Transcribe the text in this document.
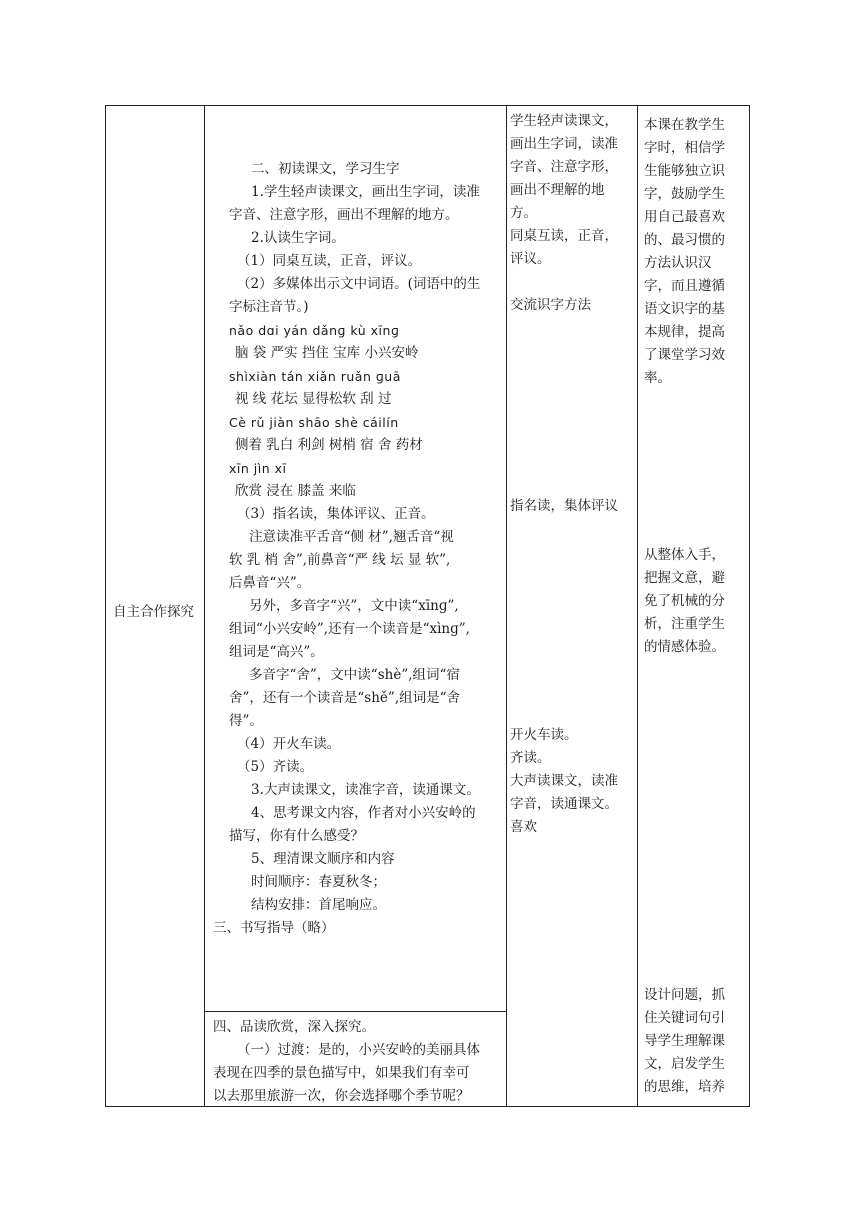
自主合作探究
二、初读课文，学习生字
1.学生轻声读课文，画出生字词，读准
字音、注意字形，画出不理解的地方。
2.认读生字词。
（1）同桌互读，正音，评议。
（2）多媒体出示文中词语。(词语中的生
字标注音节。)
nǎo dɑi yán dǎnɡ kù xīnɡ
脑 袋 严实 挡住 宝库 小兴安岭
shìxiàn tán xiǎn ruǎn ɡuā
视 线 花坛 显得松软 刮 过
Cè rǔ jiàn shāo shè cáilín
侧着 乳白 利剑 树梢 宿 舍 药材
xīn jìn xī
欣赏 浸在 膝盖 来临
（3）指名读，集体评议、正音。
注意读准平舌音“侧 材”,翘舌音“视
软 乳 梢 舍”,前鼻音“严 线 坛 显 软”,
后鼻音“兴”。
另外，多音字“兴”，文中读“xīnɡ”,
组词“小兴安岭”,还有一个读音是“xìnɡ”,
组词是“高兴”。
多音字“舍”，文中读“shè”,组词“宿
舍”，还有一个读音是“shě”,组词是“舍
得”。
（4）开火车读。
（5）齐读。
3.大声读课文，读准字音，读通课文。
4、思考课文内容，作者对小兴安岭的
描写，你有什么感受？
5、理清课文顺序和内容
时间顺序：春夏秋冬；
结构安排：首尾响应。
三、书写指导（略）
四、品读欣赏，深入探究。
（一）过渡：是的，小兴安岭的美丽具体
表现在四季的景色描写中，如果我们有幸可
以去那里旅游一次，你会选择哪个季节呢？
学生轻声读课文，
画出生字词，读准
字音、注意字形，
画出不理解的地
方。
同桌互读，正音，
评议。
交流识字方法
指名读，集体评议
开火车读。
齐读。
大声读课文，读准
字音，读通课文。
喜欢
本课在教学生
字时，相信学
生能够独立识
字，鼓励学生
用自己最喜欢
的、最习惯的
方法认识汉
字，而且遵循
语文识字的基
本规律，提高
了课堂学习效
率。
从整体入手，
把握文意，避
免了机械的分
析，注重学生
的情感体验。
设计问题，抓
住关键词句引
导学生理解课
文，启发学生
的思维，培养
